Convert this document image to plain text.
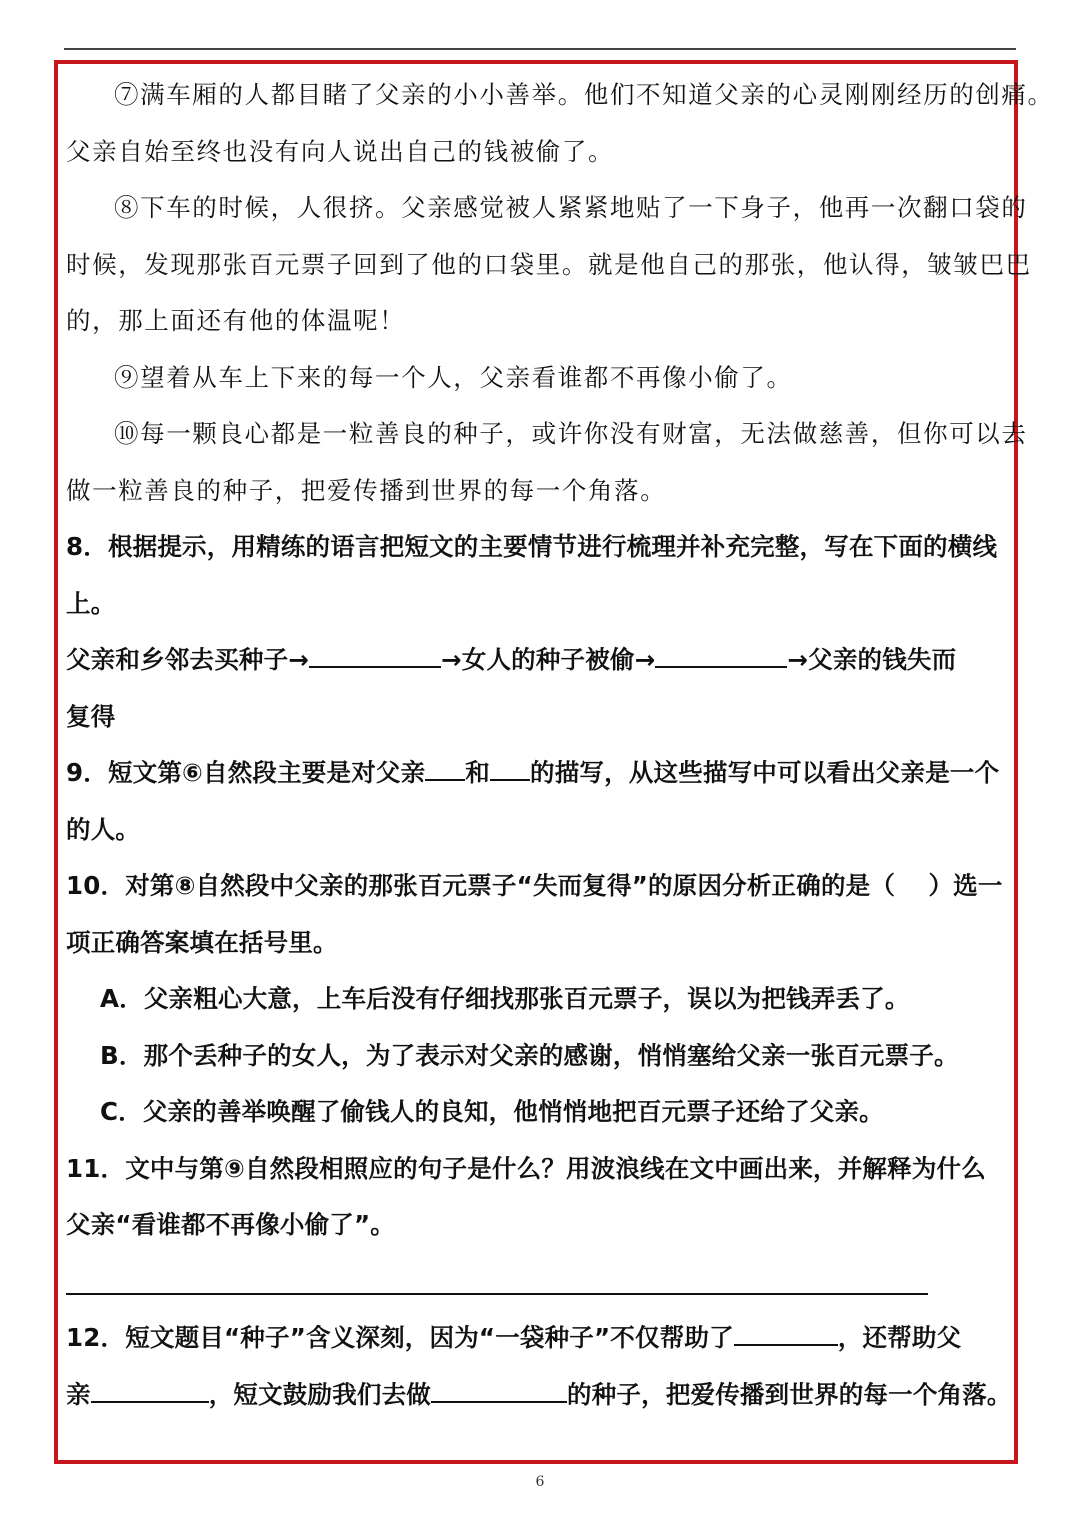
⑦满车厢的人都目睹了父亲的小小善举。他们不知道父亲的心灵刚刚经历的创痛。
父亲自始至终也没有向人说出自己的钱被偷了。
⑧下车的时候，人很挤。父亲感觉被人紧紧地贴了一下身子，他再一次翻口袋的
时候，发现那张百元票子回到了他的口袋里。就是他自己的那张，他认得，皱皱巴巴
的，那上面还有他的体温呢！
⑨望着从车上下来的每一个人，父亲看谁都不再像小偷了。
⑩每一颗良心都是一粒善良的种子，或许你没有财富，无法做慈善，但你可以去
做一粒善良的种子，把爱传播到世界的每一个角落。
8．根据提示，用精练的语言把短文的主要情节进行梳理并补充完整，写在下面的横线
上。
父亲和乡邻去买种子→	→女人的种子被偷→	→父亲的钱失而
复得
9．短文第⑥自然段主要是对父亲 和 的描写，从这些描写中可以看出父亲是一个
的人。
10．对第⑧自然段中父亲的那张百元票子“失而复得”的原因分析正确的是（　 ）选一
项正确答案填在括号里。
A．父亲粗心大意，上车后没有仔细找那张百元票子，误以为把钱弄丢了。
B．那个丢种子的女人，为了表示对父亲的感谢，悄悄塞给父亲一张百元票子。
C．父亲的善举唤醒了偷钱人的良知，他悄悄地把百元票子还给了父亲。
11．文中与第⑨自然段相照应的句子是什么？用波浪线在文中画出来，并解释为什么
父亲“看谁都不再像小偷了”。
12．短文题目“种子”含义深刻，因为“一袋种子”不仅帮助了	，还帮助父
亲	，短文鼓励我们去做	的种子，把爱传播到世界的每一个角落。
6
